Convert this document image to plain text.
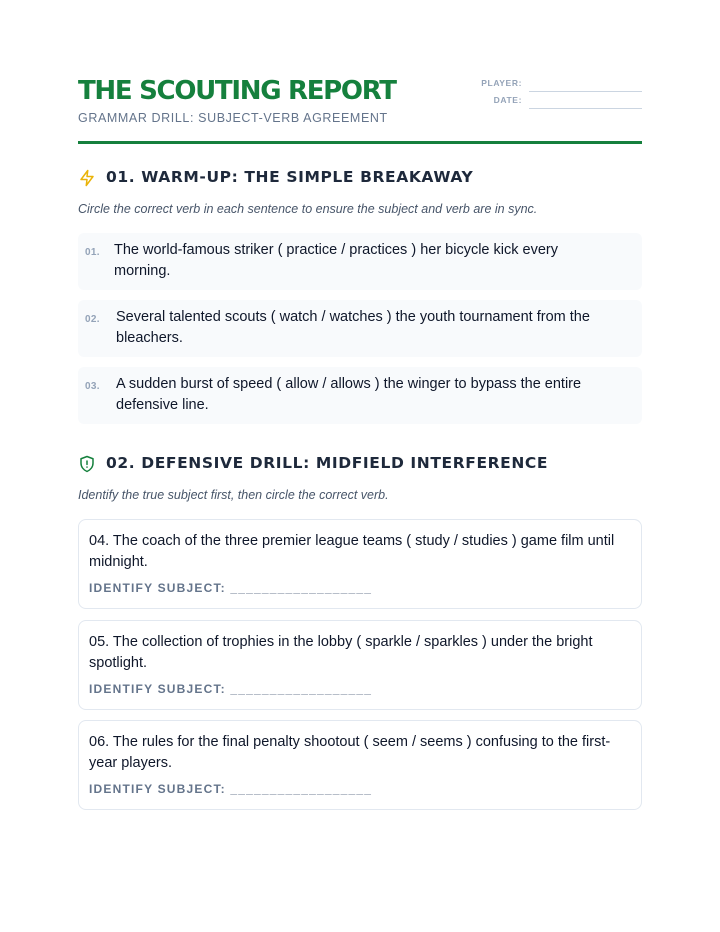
THE SCOUTING REPORT
GRAMMAR DRILL: SUBJECT-VERB AGREEMENT
PLAYER:
DATE:
01. WARM-UP: THE SIMPLE BREAKAWAY
Circle the correct verb in each sentence to ensure the subject and verb are in sync.
01. The world-famous striker ( practice / practices ) her bicycle kick every morning.
02. Several talented scouts ( watch / watches ) the youth tournament from the bleachers.
03. A sudden burst of speed ( allow / allows ) the winger to bypass the entire defensive line.
02. DEFENSIVE DRILL: MIDFIELD INTERFERENCE
Identify the true subject first, then circle the correct verb.
04. The coach of the three premier league teams ( study / studies ) game film until midnight.
IDENTIFY SUBJECT: __________________
05. The collection of trophies in the lobby ( sparkle / sparkles ) under the bright spotlight.
IDENTIFY SUBJECT: __________________
06. The rules for the final penalty shootout ( seem / seems ) confusing to the first-year players.
IDENTIFY SUBJECT: __________________
